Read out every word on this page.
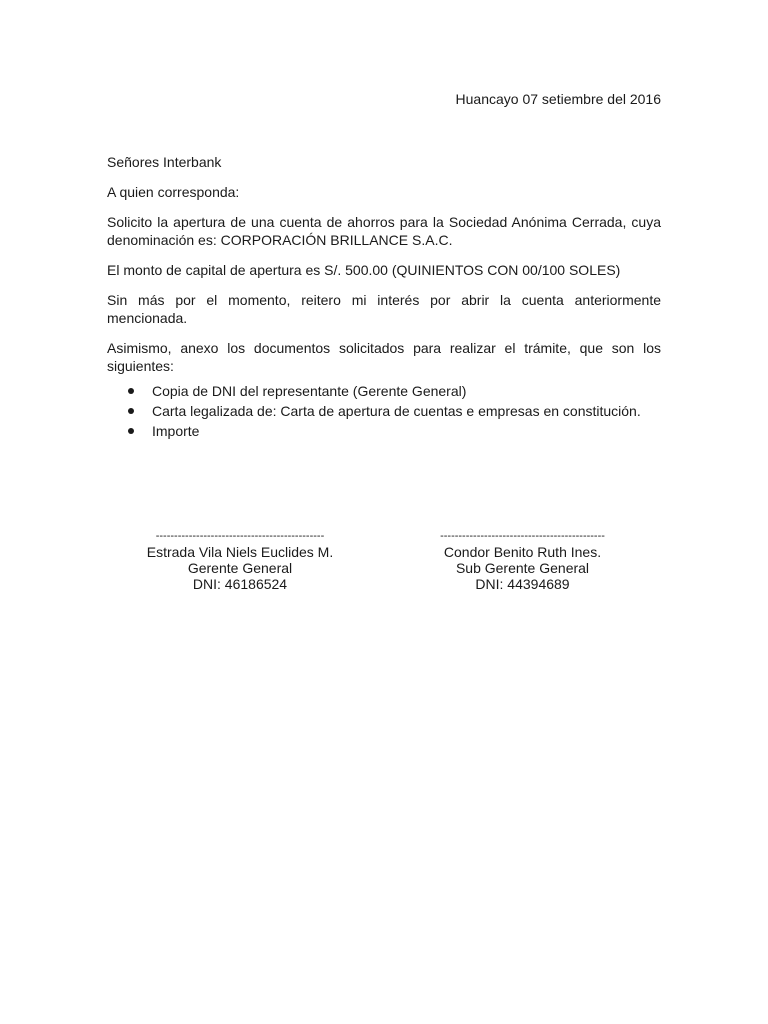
Huancayo 07 setiembre del 2016

Señores Interbank

A quien corresponda:

Solicito la apertura de una cuenta de ahorros para la Sociedad Anónima Cerrada, cuya denominación es: CORPORACIÓN BRILLANCE S.A.C.

El monto de capital de apertura es S/. 500.00 (QUINIENTOS CON 00/100 SOLES)

Sin más por el momento, reitero mi interés por abrir la cuenta anteriormente mencionada.

Asimismo, anexo los documentos solicitados para realizar el trámite, que son los siguientes:

Copia de DNI del representante (Gerente General)
Carta legalizada de: Carta de apertura de cuentas e empresas en constitución.
Importe
----------------------------------------------
Estrada Vila Niels Euclides M.
Gerente General
DNI: 46186524
---------------------------------------------
Condor Benito Ruth Ines.
Sub Gerente General
DNI: 44394689
